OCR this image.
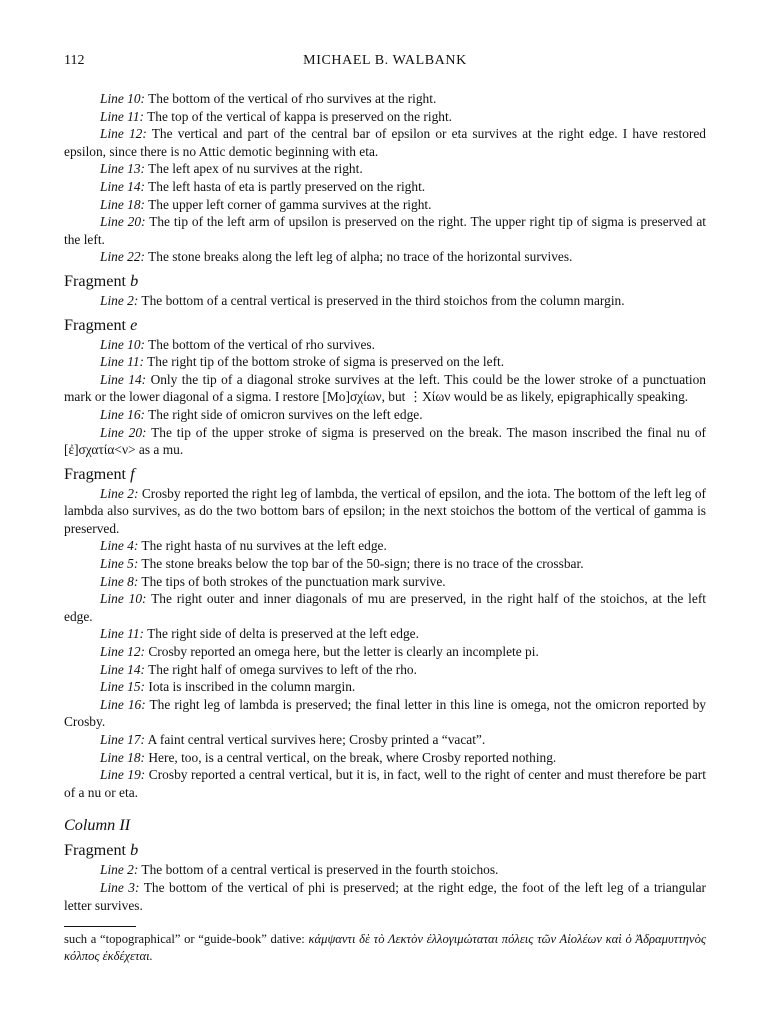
112	MICHAEL B. WALBANK

Line 10: The bottom of the vertical of rho survives at the right.

Line 11: The top of the vertical of kappa is preserved on the right.

Line 12: The vertical and part of the central bar of epsilon or eta survives at the right edge. I have restored epsilon, since there is no Attic demotic beginning with eta.

Line 13: The left apex of nu survives at the right.

Line 14: The left hasta of eta is partly preserved on the right.

Line 18: The upper left corner of gamma survives at the right.

Line 20: The tip of the left arm of upsilon is preserved on the right. The upper right tip of sigma is preserved at the left.

Line 22: The stone breaks along the left leg of alpha; no trace of the horizontal survives.

Fragment b

Line 2: The bottom of a central vertical is preserved in the third stoichos from the column margin.

Fragment e

Line 10: The bottom of the vertical of rho survives.

Line 11: The right tip of the bottom stroke of sigma is preserved on the left.

Line 14: Only the tip of a diagonal stroke survives at the left. This could be the lower stroke of a punctuation mark or the lower diagonal of a sigma. I restore [Μο]σχίων, but ⋮Χίων would be as likely, epigraphically speaking.

Line 16: The right side of omicron survives on the left edge.

Line 20: The tip of the upper stroke of sigma is preserved on the break. The mason inscribed the final nu of [ἐ]σχατία<ν> as a mu.

Fragment f

Line 2: Crosby reported the right leg of lambda, the vertical of epsilon, and the iota. The bottom of the left leg of lambda also survives, as do the two bottom bars of epsilon; in the next stoichos the bottom of the vertical of gamma is preserved.

Line 4: The right hasta of nu survives at the left edge.

Line 5: The stone breaks below the top bar of the 50-sign; there is no trace of the crossbar.

Line 8: The tips of both strokes of the punctuation mark survive.

Line 10: The right outer and inner diagonals of mu are preserved, in the right half of the stoichos, at the left edge.

Line 11: The right side of delta is preserved at the left edge.

Line 12: Crosby reported an omega here, but the letter is clearly an incomplete pi.

Line 14: The right half of omega survives to left of the rho.

Line 15: Iota is inscribed in the column margin.

Line 16: The right leg of lambda is preserved; the final letter in this line is omega, not the omicron reported by Crosby.

Line 17: A faint central vertical survives here; Crosby printed a “vacat”.

Line 18: Here, too, is a central vertical, on the break, where Crosby reported nothing.

Line 19: Crosby reported a central vertical, but it is, in fact, well to the right of center and must therefore be part of a nu or eta.

Column II
Fragment b

Line 2: The bottom of a central vertical is preserved in the fourth stoichos.

Line 3: The bottom of the vertical of phi is preserved; at the right edge, the foot of the left leg of a triangular letter survives.

such a “topographical” or “guide-book” dative: κάμψαντι δὲ τὸ Λεκτὸν ἐλλογιμώταται πόλεις τῶν Αἰολέων καὶ ὁ Ἀδραμυττηνὸς κόλπος ἐκδέχεται.
